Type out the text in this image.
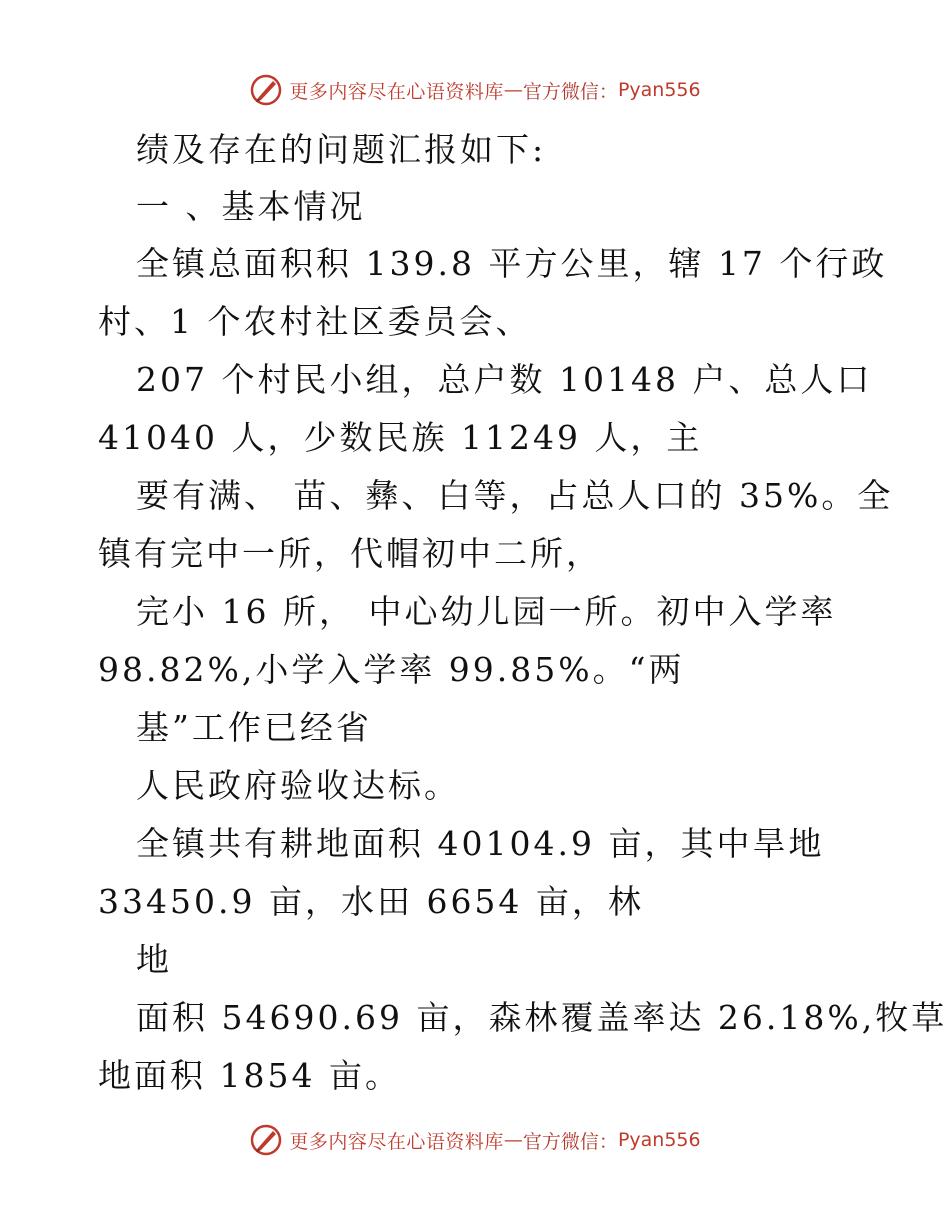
更多内容尽在心语资料库 — 官方微信： Pyan556
绩及存在的问题汇报如下:
一 、基本情况
全镇总面积积 139.8 平方公里，辖 17 个行政
村、1 个农村社区委员会、
207 个村民小组，总户数 10148 户、总人口
41040 人，少数民族 11249 人，主
要有满、 苗、彝、白等，占总人口的 35%。全
镇有完中一所，代帽初中二所，
完小 16 所， 中心幼儿园一所。初中入学率
98.82%,小学入学率 99.85%。“两
基”工作已经省
人民政府验收达标。
全镇共有耕地面积 40104.9 亩，其中旱地
33450.9 亩，水田 6654 亩，林
地
面积 54690.69 亩，森林覆盖率达 26.18%,牧草
地面积 1854 亩。
更多内容尽在心语资料库 — 官方微信： Pyan556
